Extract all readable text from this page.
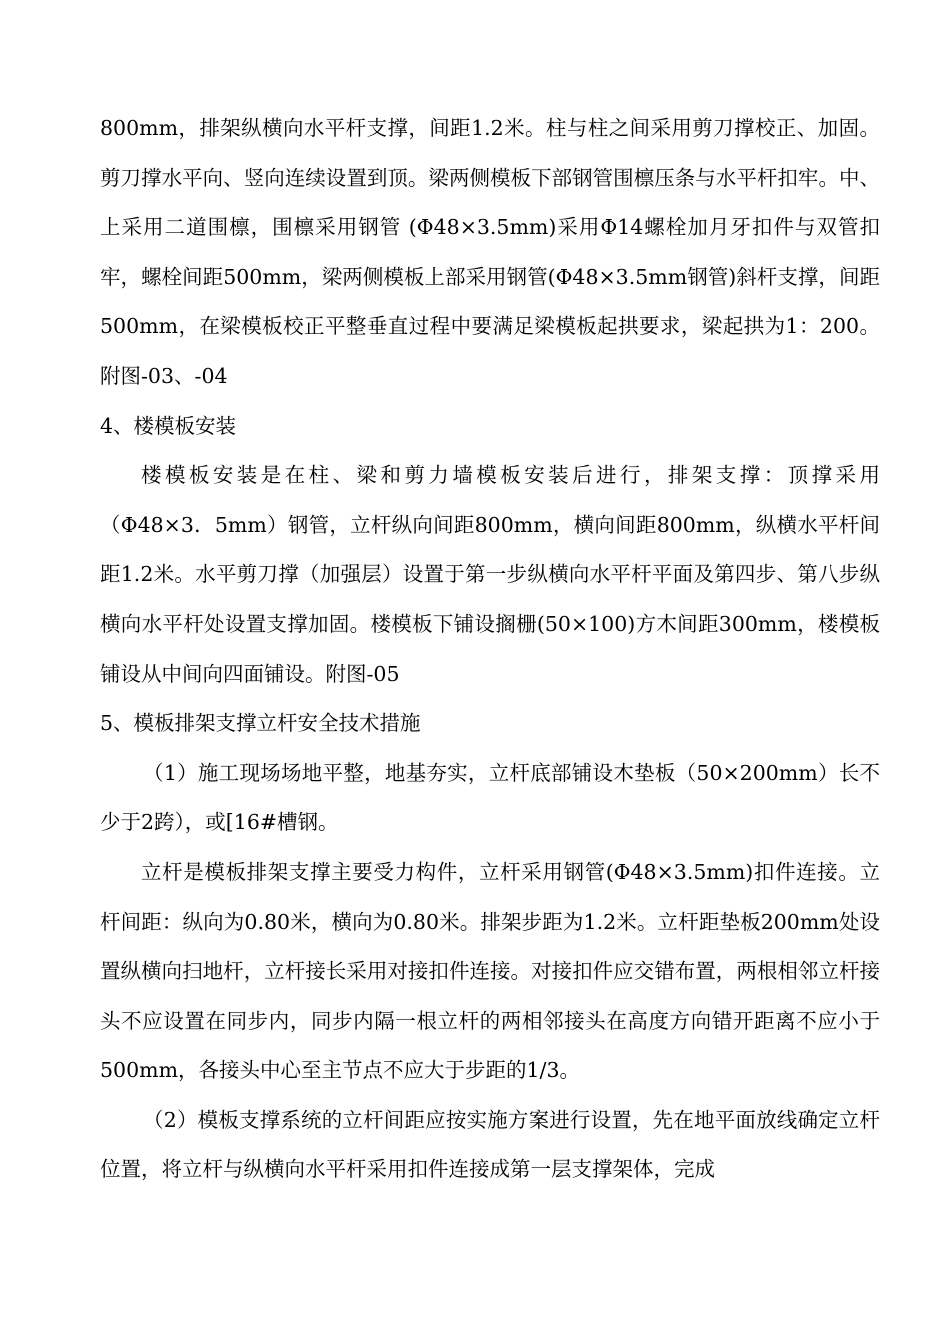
800mm，排架纵横向水平杆支撑，间距1.2米。柱与柱之间采用剪刀撑校正、加固。剪刀撑水平向、竖向连续设置到顶。梁两侧模板下部钢管围檩压条与水平杆扣牢。中、上采用二道围檩，围檩采用钢管 (Φ48×3.5mm)采用Φ14螺栓加月牙扣件与双管扣牢，螺栓间距500mm，梁两侧模板上部采用钢管(Φ48×3.5mm钢管)斜杆支撑，间距500mm，在梁模板校正平整垂直过程中要满足梁模板起拱要求，梁起拱为1：200。附图-03、-04

4、楼模板安装

楼模板安装是在柱、梁和剪力墙模板安装后进行，排架支撑：顶撑采用（Φ48×3．5mm）钢管，立杆纵向间距800mm，横向间距800mm，纵横水平杆间距1.2米。水平剪刀撑（加强层）设置于第一步纵横向水平杆平面及第四步、第八步纵横向水平杆处设置支撑加固。楼模板下铺设搁栅(50×100)方木间距300mm，楼模板铺设从中间向四面铺设。附图-05

5、模板排架支撑立杆安全技术措施

（1）施工现场场地平整，地基夯实，立杆底部铺设木垫板（50×200mm）长不少于2跨），或[16#槽钢。

立杆是模板排架支撑主要受力构件，立杆采用钢管(Φ48×3.5mm)扣件连接。立杆间距：纵向为0.80米，横向为0.80米。排架步距为1.2米。立杆距垫板200mm处设置纵横向扫地杆，立杆接长采用对接扣件连接。对接扣件应交错布置，两根相邻立杆接头不应设置在同步内，同步内隔一根立杆的两相邻接头在高度方向错开距离不应小于500mm，各接头中心至主节点不应大于步距的1/3。

（2）模板支撑系统的立杆间距应按实施方案进行设置，先在地平面放线确定立杆位置，将立杆与纵横向水平杆采用扣件连接成第一层支撑架体，完成
